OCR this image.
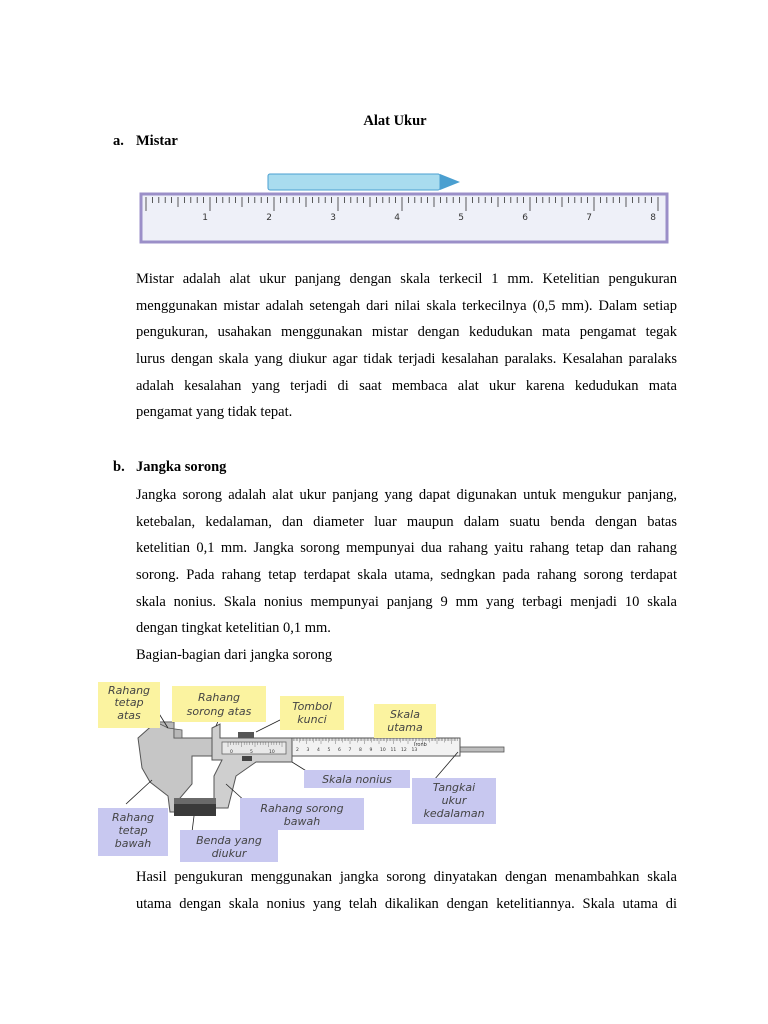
Alat Ukur
a. Mistar
1	2	3	4	5	6	7	8
Mistar adalah alat ukur panjang dengan skala terkecil 1 mm. Ketelitian pengukuran
menggunakan mistar adalah setengah dari nilai skala terkecilnya (0,5 mm). Dalam setiap
pengukuran, usahakan menggunakan mistar dengan kedudukan mata pengamat tegak
lurus dengan skala yang diukur agar tidak terjadi kesalahan paralaks. Kesalahan paralaks
adalah kesalahan yang terjadi di saat membaca alat ukur karena kedudukan mata
pengamat yang tidak tepat.
b. Jangka sorong
Jangka sorong adalah alat ukur panjang yang dapat digunakan untuk mengukur panjang,
ketebalan, kedalaman, dan diameter luar maupun dalam suatu benda dengan batas
ketelitian 0,1 mm. Jangka sorong mempunyai dua rahang yaitu rahang tetap dan rahang
sorong. Pada rahang tetap terdapat skala utama, sedngkan pada rahang sorong terdapat
skala nonius. Skala nonius mempunyai panjang 9 mm yang terbagi menjadi 10 skala
dengan tingkat ketelitian 0,1 mm.
Bagian-bagian dari jangka sorong
2 3 4 5 6 7 8 9 10 11 12 13
Ironb
0	5	10
Rahang
tetap
atas
Rahang
sorong atas	Tombol
kunci	Skala
utama
Skala nonius
Tangkai
ukur
kedalaman
Rahang sorong
bawah
Rahang
tetap
bawah	Benda yang
diukur
Hasil pengukuran menggunakan jangka sorong dinyatakan dengan menambahkan skala
utama dengan skala nonius yang telah dikalikan dengan ketelitiannya. Skala utama di
